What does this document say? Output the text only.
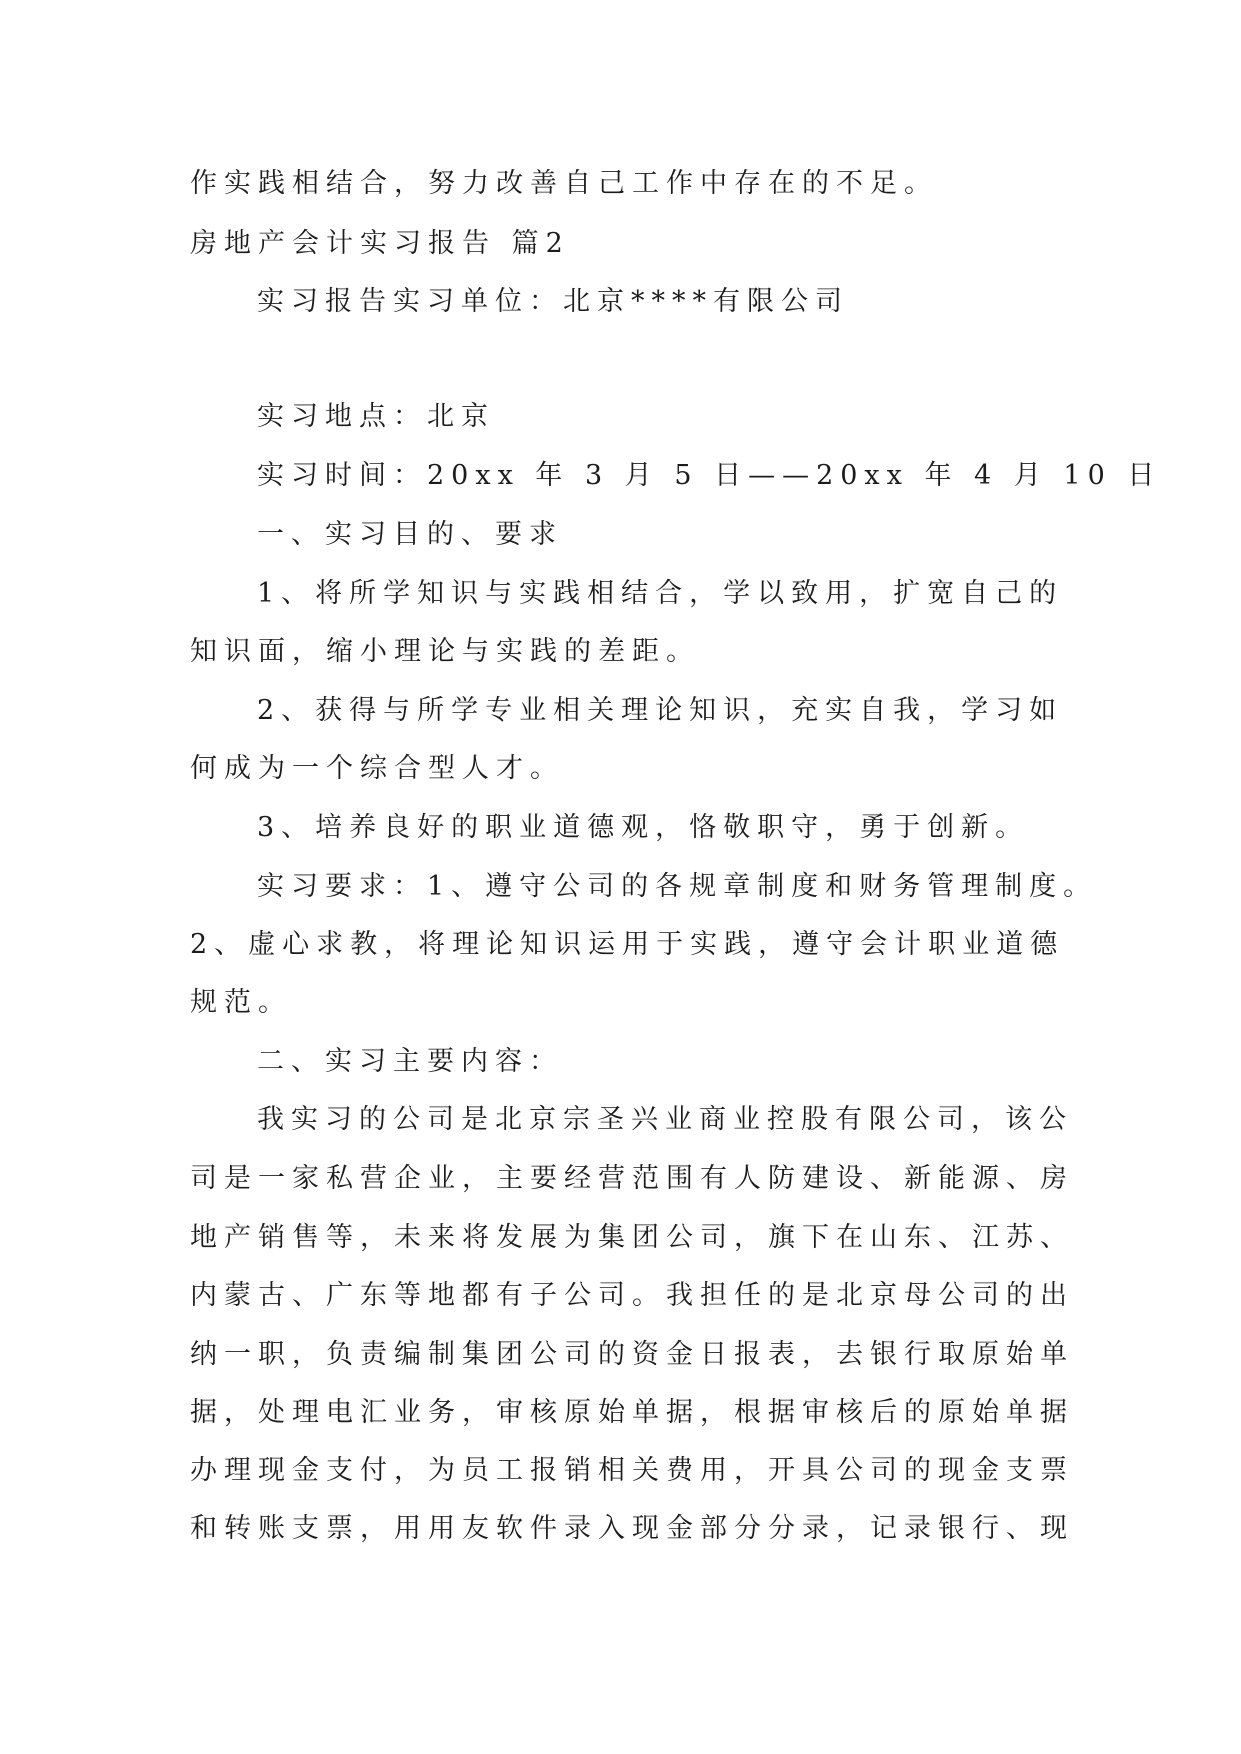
作实践相结合，努力改善自己工作中存在的不足。
房地产会计实习报告 篇2
实习报告实习单位：北京****有限公司
实习地点：北京
实习时间：20xx 年 3 月 5 日——20xx 年 4 月 10 日
一、实习目的、要求
1、将所学知识与实践相结合，学以致用，扩宽自己的
知识面，缩小理论与实践的差距。
2、获得与所学专业相关理论知识，充实自我，学习如
何成为一个综合型人才。
3、培养良好的职业道德观，恪敬职守，勇于创新。
实习要求：1、遵守公司的各规章制度和财务管理制度。
2、虚心求教，将理论知识运用于实践，遵守会计职业道德
规范。
二、实习主要内容：
我实习的公司是北京宗圣兴业商业控股有限公司，该公
司是一家私营企业，主要经营范围有人防建设、新能源、房
地产销售等，未来将发展为集团公司，旗下在山东、江苏、
内蒙古、广东等地都有子公司。我担任的是北京母公司的出
纳一职，负责编制集团公司的资金日报表，去银行取原始单
据，处理电汇业务，审核原始单据，根据审核后的原始单据
办理现金支付，为员工报销相关费用，开具公司的现金支票
和转账支票，用用友软件录入现金部分分录，记录银行、现
